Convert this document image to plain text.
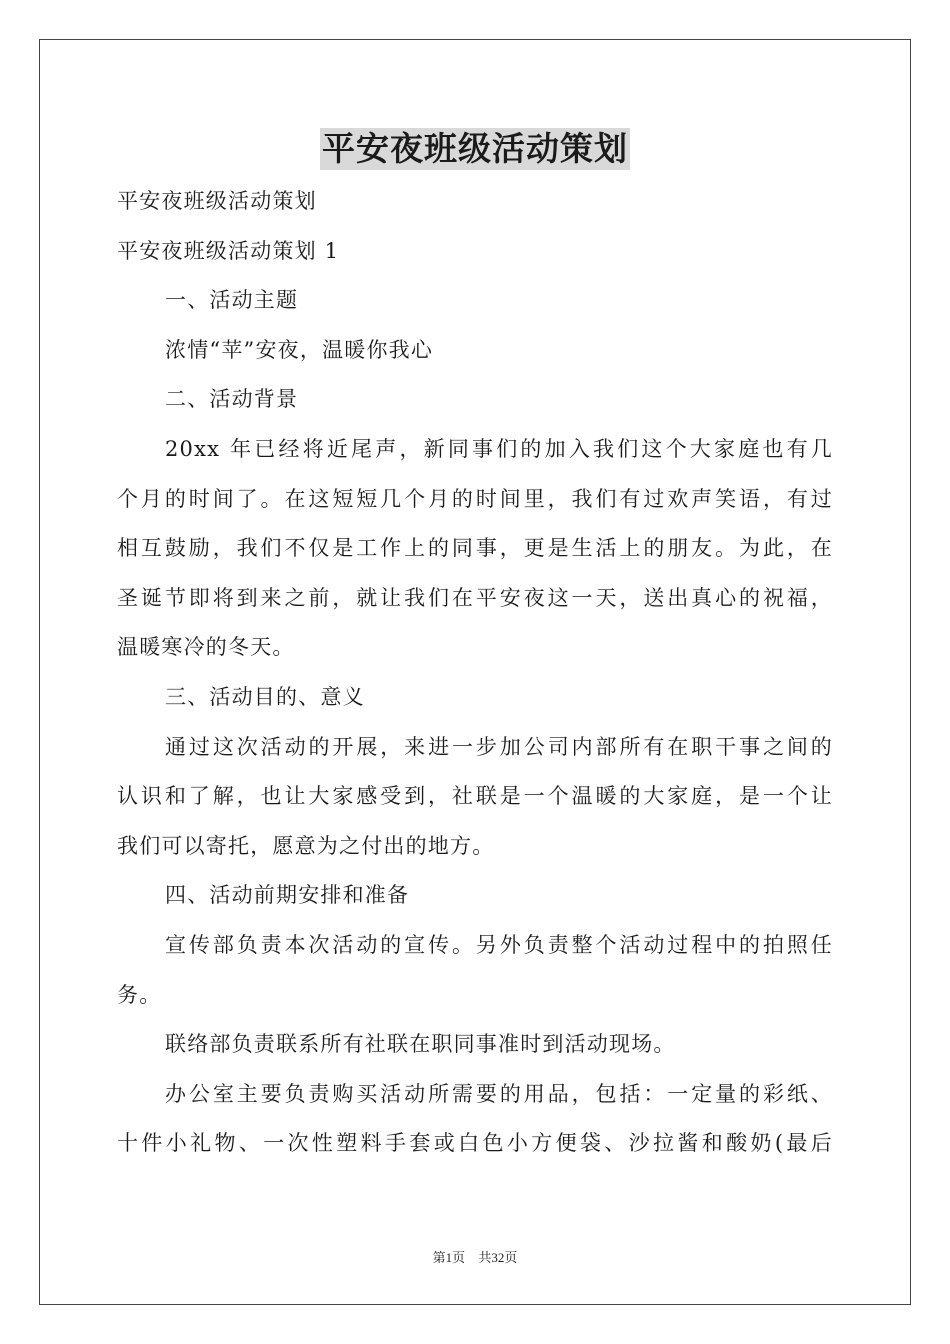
平安夜班级活动策划

平安夜班级活动策划

平安夜班级活动策划 1

一、活动主题

浓情“苹”安夜，温暖你我心

二、活动背景

20xx 年已经将近尾声，新同事们的加入我们这个大家庭也有几

个月的时间了。在这短短几个月的时间里，我们有过欢声笑语，有过

相互鼓励，我们不仅是工作上的同事，更是生活上的朋友。为此，在

圣诞节即将到来之前，就让我们在平安夜这一天，送出真心的祝福，

温暖寒冷的冬天。

三、活动目的、意义

通过这次活动的开展，来进一步加公司内部所有在职干事之间的

认识和了解，也让大家感受到，社联是一个温暖的大家庭，是一个让

我们可以寄托，愿意为之付出的地方。

四、活动前期安排和准备

宣传部负责本次活动的宣传。另外负责整个活动过程中的拍照任

务。

联络部负责联系所有社联在职同事准时到活动现场。

办公室主要负责购买活动所需要的用品，包括：一定量的彩纸、

十件小礼物、一次性塑料手套或白色小方便袋、沙拉酱和酸奶(最后

第1页 共32页
